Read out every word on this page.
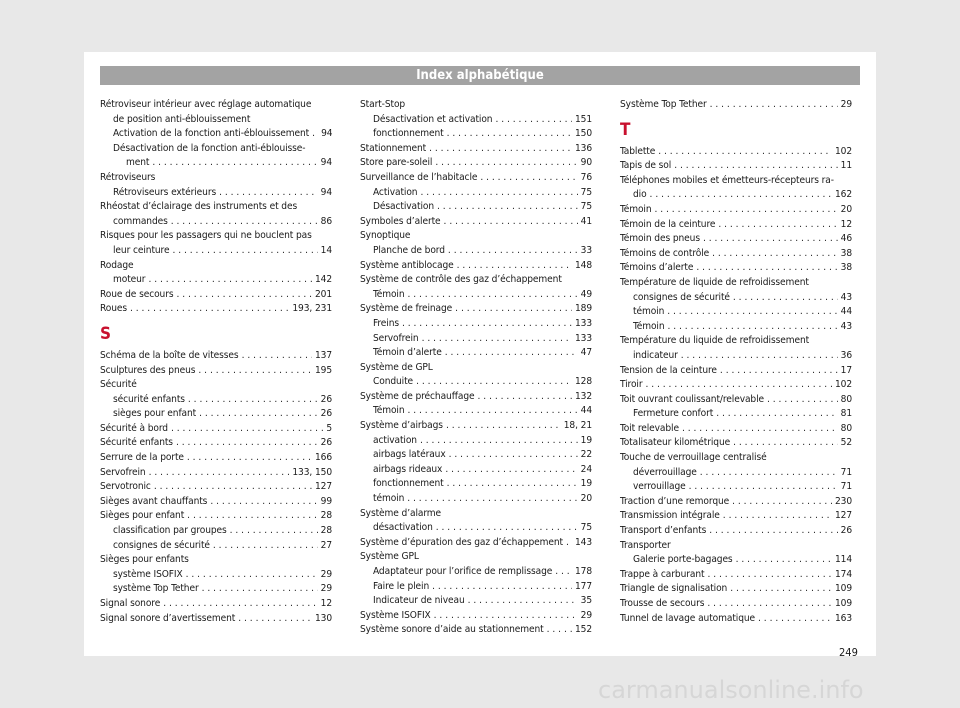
Index alphabétique
Rétroviseur intérieur avec réglage automatique
de position anti-éblouissement
Activation de la fonction anti-éblouissement . . . 94
Désactivation de la fonction anti-éblouisse-
ment . . .	94
Rétroviseurs
Rétroviseurs extérieurs . . .	94
Rhéostat d’éclairage des instruments et des
commandes . . .	86
Risques pour les passagers qui ne bouclent pas
leur ceinture . . .	14
Rodage
moteur . . .	142
Roue de secours . . .	201
Roues . . .	193, 231
S
Schéma de la boîte de vitesses . . .	137
Sculptures des pneus . . .	195
Sécurité
sécurité enfants . . .	26
sièges pour enfant . . .	26
Sécurité à bord . . .	5
Sécurité enfants . . .	26
Serrure de la porte . . .	166
Servofrein . . .	133, 150
Servotronic . . .	127
Sièges avant chauffants . . .	99
Sièges pour enfant . . .	28
classification par groupes . . .	28
consignes de sécurité . . .	27
Sièges pour enfants
système ISOFIX . . .	29
système Top Tether . . .	29
Signal sonore . . .	12
Signal sonore d’avertissement . . .	130
Start-Stop
Désactivation et activation . . .	151
fonctionnement . . .	150
Stationnement . . .	136
Store pare-soleil . . .	90
Surveillance de l’habitacle . . .	76
Activation . . .	75
Désactivation . . .	75
Symboles d’alerte . . .	41
Synoptique
Planche de bord . . .	33
Système antiblocage . . .	148
Système de contrôle des gaz d’échappement
Témoin . . .	49
Système de freinage . . .	189
Freins . . .	133
Servofrein . . .	133
Témoin d’alerte . . .	47
Système de GPL
Conduite . . .	128
Système de préchauffage . . .	132
Témoin . . .	44
Système d’airbags . . .	18, 21
activation . . .	19
airbags latéraux . . .	22
airbags rideaux . . .	24
fonctionnement . . .	19
témoin . . .	20
Système d’alarme
désactivation . . .	75
Système d’épuration des gaz d’échappement . . . 143
Système GPL
Adaptateur pour l’orifice de remplissage . . . 178
Faire le plein . . .	177
Indicateur de niveau . . .	35
Système ISOFIX . . .	29
Système sonore d’aide au stationnement . . .	152
Système Top Tether . . .	29
T
Tablette . . .	102
Tapis de sol . . .	11
Téléphones mobiles et émetteurs-récepteurs ra-
dio . . .	162
Témoin . . .	20
Témoin de la ceinture . . .	12
Témoin des pneus . . .	46
Témoins de contrôle . . .	38
Témoins d’alerte . . .	38
Température de liquide de refroidissement
consignes de sécurité . . .	43
témoin . . .	44
Témoin . . .	43
Température du liquide de refroidissement
indicateur . . .	36
Tension de la ceinture . . .	17
Tiroir . . .	102
Toit ouvrant coulissant/relevable . . .	80
Fermeture confort . . .	81
Toit relevable . . .	80
Totalisateur kilométrique . . .	52
Touche de verrouillage centralisé
déverrouillage . . .	71
verrouillage . . .	71
Traction d’une remorque . . .	230
Transmission intégrale . . .	127
Transport d’enfants . . .	26
Transporter
Galerie porte-bagages . . .	114
Trappe à carburant . . .	174
Triangle de signalisation . . .	109
Trousse de secours . . .	109
Tunnel de lavage automatique . . .	163
249
carmanualsonline.info
